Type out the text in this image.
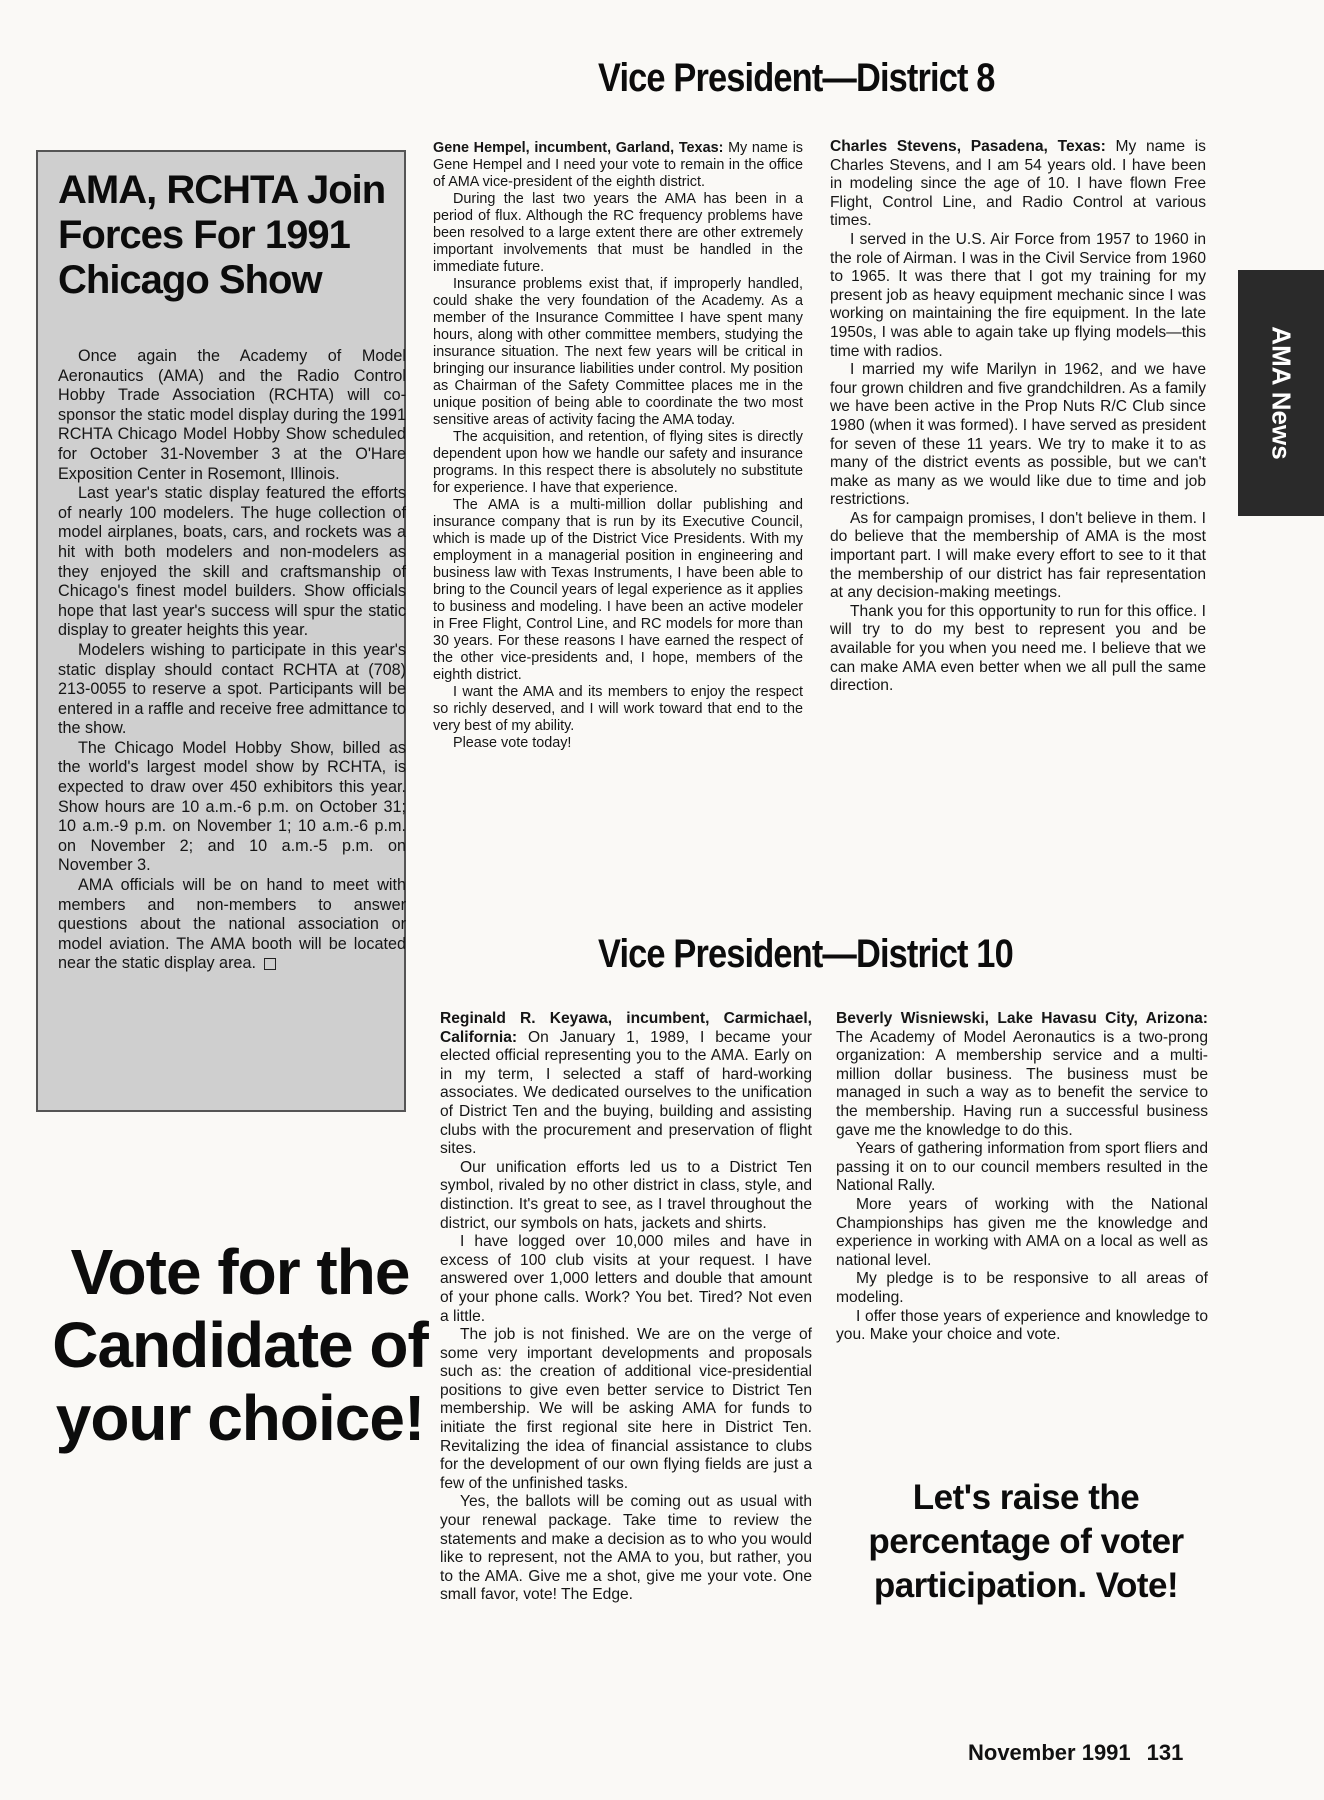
Vice President—District 8
AMA, RCHTA Join Forces For 1991 Chicago Show

Once again the Academy of Model Aeronautics (AMA) and the Radio Control Hobby Trade Association (RCHTA) will co-sponsor the static model display during the 1991 RCHTA Chicago Model Hobby Show scheduled for October 31-November 3 at the O'Hare Exposition Center in Rosemont, Illinois.

Last year's static display featured the efforts of nearly 100 modelers. The huge collection of model airplanes, boats, cars, and rockets was a hit with both modelers and non-modelers as they enjoyed the skill and craftsmanship of Chicago's finest model builders. Show officials hope that last year's success will spur the static display to greater heights this year.

Modelers wishing to participate in this year's static display should contact RCHTA at (708) 213-0055 to reserve a spot. Participants will be entered in a raffle and receive free admittance to the show.

The Chicago Model Hobby Show, billed as the world's largest model show by RCHTA, is expected to draw over 450 exhibitors this year. Show hours are 10 a.m.-6 p.m. on October 31; 10 a.m.-9 p.m. on November 1; 10 a.m.-6 p.m. on November 2; and 10 a.m.-5 p.m. on November 3.

AMA officials will be on hand to meet with members and non-members to answer questions about the national association or model aviation. The AMA booth will be located near the static display area.

Gene Hempel, incumbent, Garland, Texas: My name is Gene Hempel and I need your vote to remain in the office of AMA vice-president of the eighth district.

During the last two years the AMA has been in a period of flux. Although the RC frequency problems have been resolved to a large extent there are other extremely important involvements that must be handled in the immediate future.

Insurance problems exist that, if improperly handled, could shake the very foundation of the Academy. As a member of the Insurance Committee I have spent many hours, along with other committee members, studying the insurance situation. The next few years will be critical in bringing our insurance liabilities under control. My position as Chairman of the Safety Committee places me in the unique position of being able to coordinate the two most sensitive areas of activity facing the AMA today.

The acquisition, and retention, of flying sites is directly dependent upon how we handle our safety and insurance programs. In this respect there is absolutely no substitute for experience. I have that experience.

The AMA is a multi-million dollar publishing and insurance company that is run by its Executive Council, which is made up of the District Vice Presidents. With my employment in a managerial position in engineering and business law with Texas Instruments, I have been able to bring to the Council years of legal experience as it applies to business and modeling. I have been an active modeler in Free Flight, Control Line, and RC models for more than 30 years. For these reasons I have earned the respect of the other vice-presidents and, I hope, members of the eighth district.

I want the AMA and its members to enjoy the respect so richly deserved, and I will work toward that end to the very best of my ability.

Please vote today!

Charles Stevens, Pasadena, Texas: My name is Charles Stevens, and I am 54 years old. I have been in modeling since the age of 10. I have flown Free Flight, Control Line, and Radio Control at various times.

I served in the U.S. Air Force from 1957 to 1960 in the role of Airman. I was in the Civil Service from 1960 to 1965. It was there that I got my training for my present job as heavy equipment mechanic since I was working on maintaining the fire equipment. In the late 1950s, I was able to again take up flying models—this time with radios.

I married my wife Marilyn in 1962, and we have four grown children and five grandchildren. As a family we have been active in the Prop Nuts R/C Club since 1980 (when it was formed). I have served as president for seven of these 11 years. We try to make it to as many of the district events as possible, but we can't make as many as we would like due to time and job restrictions.

As for campaign promises, I don't believe in them. I do believe that the membership of AMA is the most important part. I will make every effort to see to it that the membership of our district has fair representation at any decision-making meetings.

Thank you for this opportunity to run for this office. I will try to do my best to represent you and be available for you when you need me. I believe that we can make AMA even better when we all pull the same direction.

AMA News
Vice President—District 10

Reginald R. Keyawa, incumbent, Carmichael, California: On January 1, 1989, I became your elected official representing you to the AMA. Early on in my term, I selected a staff of hard-working associates. We dedicated ourselves to the unification of District Ten and the buying, building and assisting clubs with the procurement and preservation of flight sites.

Our unification efforts led us to a District Ten symbol, rivaled by no other district in class, style, and distinction. It's great to see, as I travel throughout the district, our symbols on hats, jackets and shirts.

I have logged over 10,000 miles and have in excess of 100 club visits at your request. I have answered over 1,000 letters and double that amount of your phone calls. Work? You bet. Tired? Not even a little.

The job is not finished. We are on the verge of some very important developments and proposals such as: the creation of additional vice-presidential positions to give even better service to District Ten membership. We will be asking AMA for funds to initiate the first regional site here in District Ten. Revitalizing the idea of financial assistance to clubs for the development of our own flying fields are just a few of the unfinished tasks.

Yes, the ballots will be coming out as usual with your renewal package. Take time to review the statements and make a decision as to who you would like to represent, not the AMA to you, but rather, you to the AMA. Give me a shot, give me your vote. One small favor, vote! The Edge.

Beverly Wisniewski, Lake Havasu City, Arizona: The Academy of Model Aeronautics is a two-prong organization: A membership service and a multi-million dollar business. The business must be managed in such a way as to benefit the service to the membership. Having run a successful business gave me the knowledge to do this.

Years of gathering information from sport fliers and passing it on to our council members resulted in the National Rally.

More years of working with the National Championships has given me the knowledge and experience in working with AMA on a local as well as national level.

My pledge is to be responsive to all areas of modeling.

I offer those years of experience and knowledge to you. Make your choice and vote.

Vote for the Candidate of your choice!
Let's raise the percentage of voter participation. Vote!
November 1991 131
